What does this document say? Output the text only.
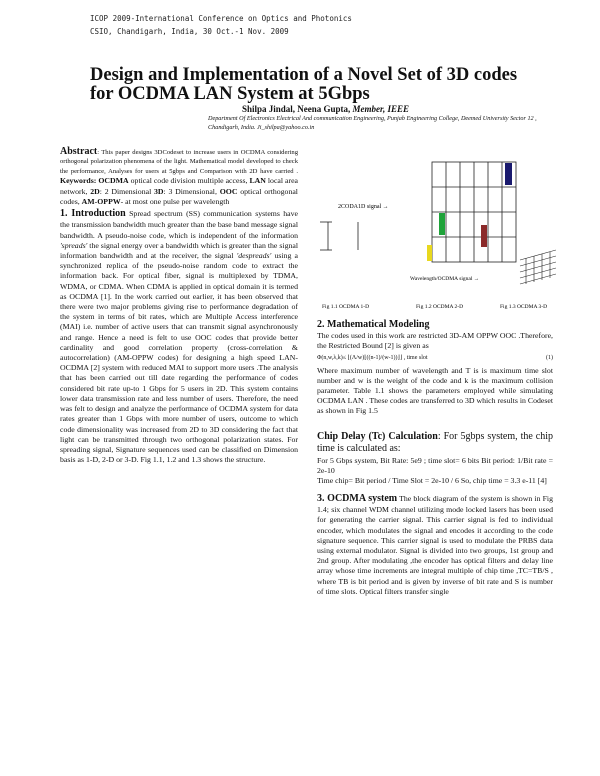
ICOP 2009-International Conference on Optics and Photonics
CSIO, Chandigarh, India, 30 Oct.-1 Nov. 2009
Design and Implementation of a Novel Set of 3D codes for OCDMA LAN System at 5Gbps
Shilpa Jindal, Neena Gupta, Member, IEEE
Department Of Electronics Electrical And communication Engineering, Punjab Engineering College, Deemed University Sector 12 , Chandigarh, India. Ji_shilpa@yahoo.co.in

Abstract: This paper designs 3DCodeset to increase users in OCDMA considering orthogonal polarization phenomena of the light. Mathematical model developed to check the performance, Analyses for users at 5gbps and Comparison with 2D have carried . Keywords: OCDMA optical code division multiple access, LAN local area network, 2D: 2 Dimensional 3D: 3 Dimensional, OOC optical orthogonal codes, AM-OPPW- at most one pulse per wavelength

1. Introduction Spread spectrum (SS) communication systems have the transmission bandwidth much greater than the base band message signal bandwidth. A pseudo-noise code, which is independent of the information 'spreads' the signal energy over a bandwidth which is greater than the signal information bandwidth and at the receiver, the signal 'despreads' using a synchronized replica of the pseudo-noise random code to extract the information back. For optical fiber, signal is multiplexed by TDMA, WDMA, or CDMA. When CDMA is applied in optical domain it is termed as OCDMA [1]. In the work carried out earlier, it has been observed that there were two major problems giving rise to performance degradation of the system in terms of bit rates, which are Multiple Access interference (MAI) i.e. number of active users that can transmit signal asynchronously and range. Hence a need is felt to use OOC codes that provide better cardinality and good correlation property (cross-correlation & autocorrelation) (AM-OPPW codes) for designing a high speed LAN-OCDMA [2] system with reduced MAI to support more users .The analysis that has been carried out till date regarding the performance of codes considered bit rate up-to 1 Gbps for 5 users in 2D. This system contains lower data transmission rate and less number of users. Therefore, the need was felt to design and analyze the performance of OCDMA system for data rates greater than 1 Gbps with more number of users, outcome to which code dimensionality was increased from 2D to 3D considering the fact that light can be transmitted through two orthogonal polarization states. For spreading signal, Signature sequences used can be classified on Dimension basis as 1-D, 2-D or 3-D. Fig 1.1, 1.2 and 1.3 shows the structure.

2CODA1D signal →
Wavelength/OCDMA signal →
Fig 1.1 OCDMA 1-D	Fig 1.2 OCDMA 2-D	Fig 1.3 OCDMA 3-D
2. Mathematical Modeling

The codes used in this work are restricted 3D-AM OPPW OOC .Therefore, the Restricted Bound [2] is given as

Φ(n,w,λ,k)≤ ⌊(Λ/w)⌊((n-1)/(w-1))⌋⌋ , time slot	(1)

Where maximum number of wavelength and T is is maximum time slot number and w is the weight of the code and k is the maximum collision parameter. Table 1.1 shows the parameters employed while simulating OCDMA LAN . These codes are transferred to 3D which results in Codeset as shown in Fig 1.5

Chip Delay (Tc) Calculation: For 5gbps system, the chip time is calculated as:

For 5 Gbps system, Bit Rate: 5e9 ; time slot= 6 bits Bit period: 1/Bit rate = 2e-10

Time chip= Bit period / Time Slot = 2e-10 / 6 So, chip time = 3.3 e-11 [4]

3. OCDMA system The block diagram of the system is shown in Fig 1.4; six channel WDM channel utilizing mode locked lasers has been used for generating the carrier signal. This carrier signal is fed to individual encoder, which modulates the signal and encodes it according to the code signature sequence. This carrier signal is used to modulate the PRBS data using external modulator. Signal is divided into two groups, 1st group and 2nd group. After modulating ,the encoder has optical filters and delay line array whose time increments are integral multiple of chip time ,TC=TB/S , where TB is bit period and is given by inverse of bit rate and S is number of time slots. Optical filters transfer single
